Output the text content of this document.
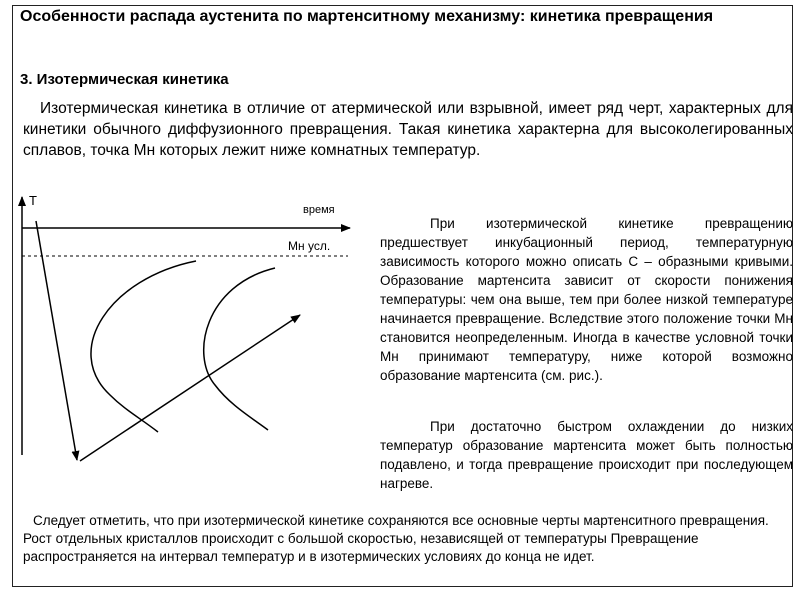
Особенности распада аустенита по мартенситному механизму: кинетика превращения
3. Изотермическая кинетика
Изотермическая кинетика в отличие от атермической или взрывной, имеет ряд черт, характерных для кинетики обычного диффузионного превращения. Такая кинетика характерна для высоколегированных сплавов, точка Мн которых лежит ниже комнатных температур.
T
время
Мн усл.
При изотермической кинетике превращению предшествует инкубационный период, температурную зависимость которого можно описать С – образными кривыми. Образование мартенсита зависит от скорости понижения температуры: чем она выше, тем при более низкой температуре начинается превращение. Вследствие этого положение точки Мн становится неопределенным. Иногда в качестве условной точки Мн принимают температуру, ниже которой возможно образование мартенсита (см. рис.).
При достаточно быстром охлаждении до низких температур образование мартенсита может быть полностью подавлено, и тогда превращение происходит при последующем нагреве.
Следует отметить, что при изотермической кинетике сохраняются все основные черты мартенситного превращения. Рост отдельных кристаллов происходит с большой скоростью, независящей от температуры Превращение распространяется на интервал температур и в изотермических условиях до конца не идет.
